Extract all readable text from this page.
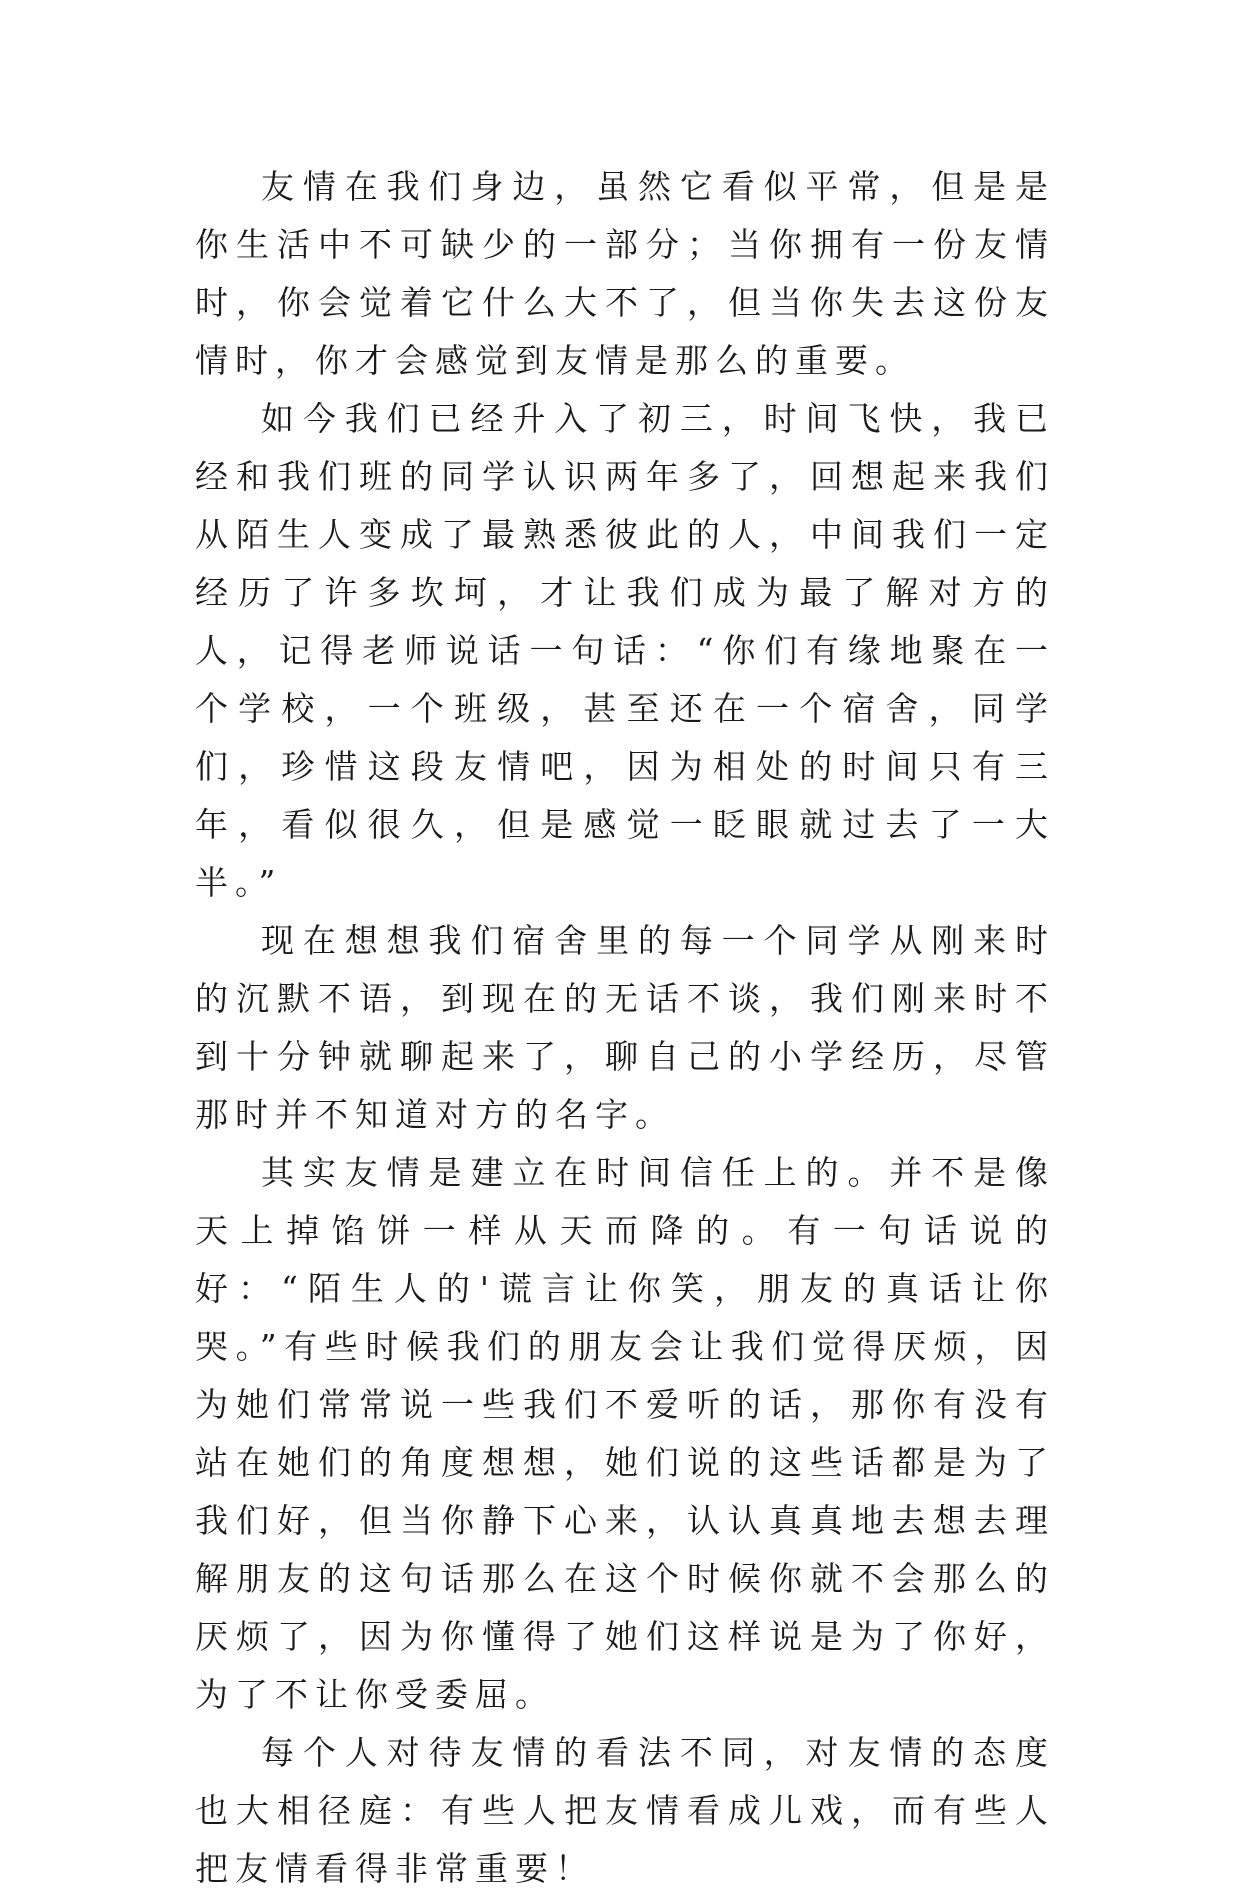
友情在我们身边，虽然它看似平常，但是是你生活中不可缺少的一部分；当你拥有一份友情时，你会觉着它什么大不了，但当你失去这份友情时，你才会感觉到友情是那么的重要。

如今我们已经升入了初三，时间飞快，我已经和我们班的同学认识两年多了，回想起来我们从陌生人变成了最熟悉彼此的人，中间我们一定经历了许多坎坷，才让我们成为最了解对方的人，记得老师说话一句话：“你们有缘地聚在一个学校，一个班级，甚至还在一个宿舍，同学们，珍惜这段友情吧，因为相处的时间只有三年，看似很久，但是感觉一眨眼就过去了一大半。”

现在想想我们宿舍里的每一个同学从刚来时的沉默不语，到现在的无话不谈，我们刚来时不到十分钟就聊起来了，聊自己的小学经历，尽管那时并不知道对方的名字。

其实友情是建立在时间信任上的。并不是像天上掉馅饼一样从天而降的。有一句话说的好：“陌生人的'谎言让你笑，朋友的真话让你哭。”有些时候我们的朋友会让我们觉得厌烦，因为她们常常说一些我们不爱听的话，那你有没有站在她们的角度想想，她们说的这些话都是为了我们好，但当你静下心来，认认真真地去想去理解朋友的这句话那么在这个时候你就不会那么的厌烦了，因为你懂得了她们这样说是为了你好，为了不让你受委屈。

每个人对待友情的看法不同，对友情的态度也大相径庭：有些人把友情看成儿戏，而有些人把友情看得非常重要！
